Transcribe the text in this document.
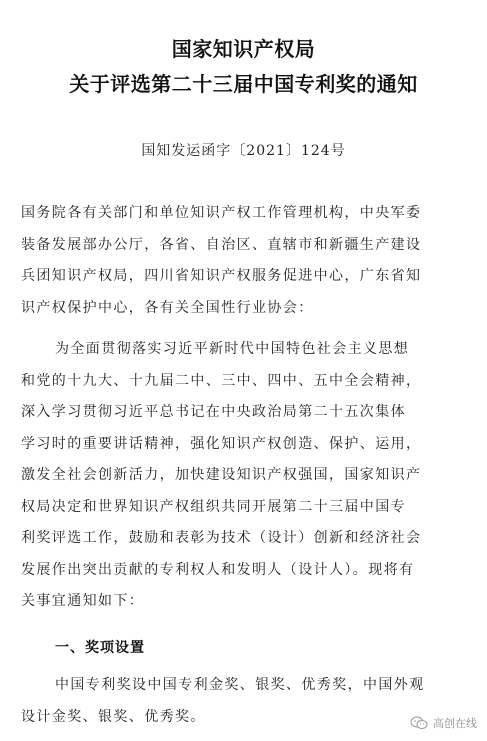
国家知识产权局
关于评选第二十三届中国专利奖的通知
国知发运函字〔2021〕124号
国务院各有关部门和单位知识产权工作管理机构，中央军委
装备发展部办公厅，各省、自治区、直辖市和新疆生产建设
兵团知识产权局，四川省知识产权服务促进中心，广东省知
识产权保护中心，各有关全国性行业协会：
为全面贯彻落实习近平新时代中国特色社会主义思想
和党的十九大、十九届二中、三中、四中、五中全会精神，
深入学习贯彻习近平总书记在中央政治局第二十五次集体
学习时的重要讲话精神，强化知识产权创造、保护、运用，
激发全社会创新活力，加快建设知识产权强国，国家知识产
权局决定和世界知识产权组织共同开展第二十三届中国专
利奖评选工作，鼓励和表彰为技术（设计）创新和经济社会
发展作出突出贡献的专利权人和发明人（设计人）。现将有
关事宜通知如下：
一、奖项设置
中国专利奖设中国专利金奖、银奖、优秀奖，中国外观
设计金奖、银奖、优秀奖。	高创在线
